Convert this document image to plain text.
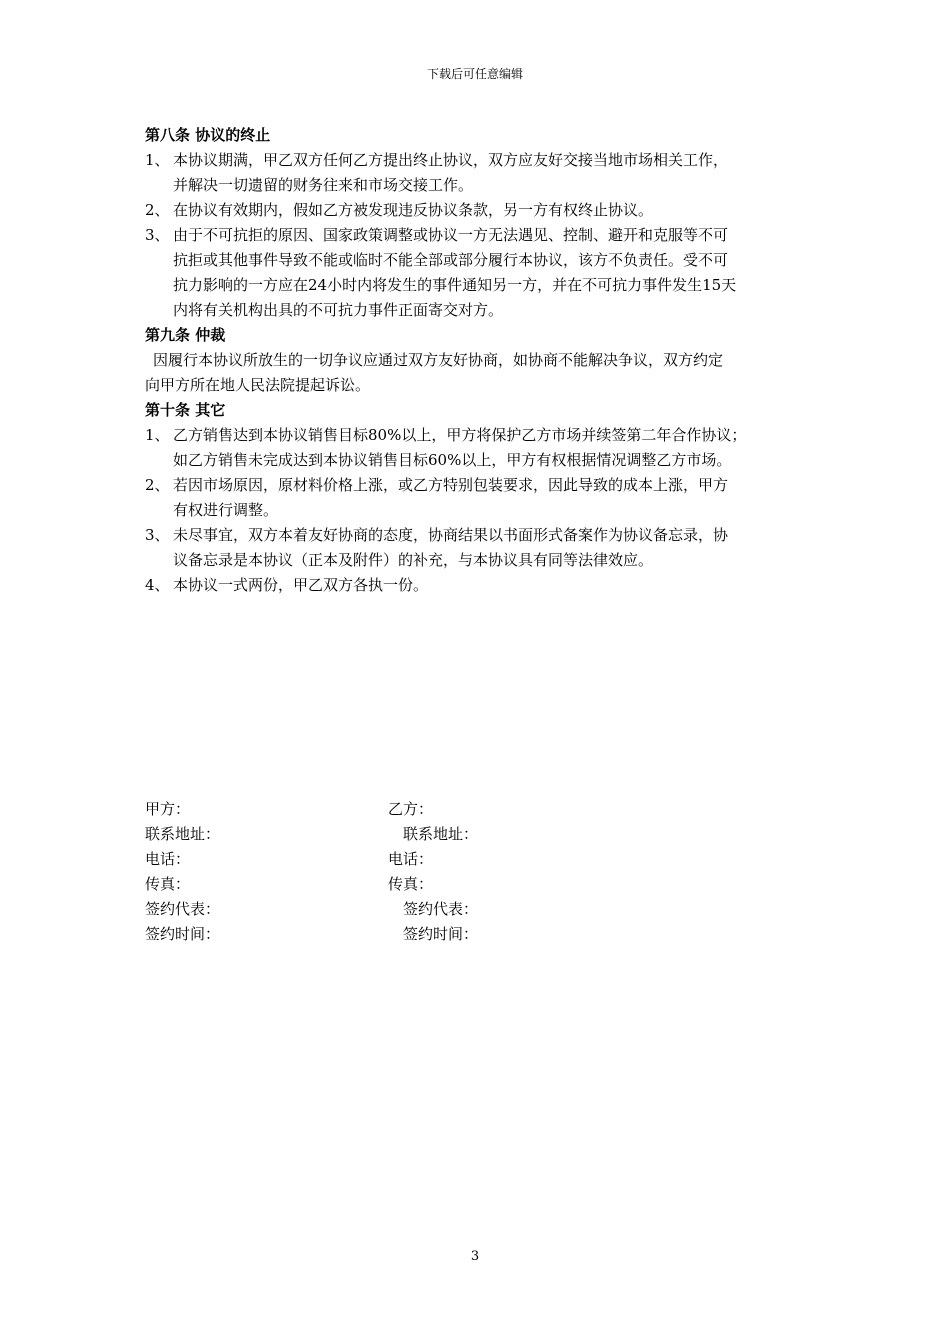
下载后可任意编辑
第八条 协议的终止
1、 本协议期满，甲乙双方任何乙方提出终止协议，双方应友好交接当地市场相关工作，
并解决一切遗留的财务往来和市场交接工作。
2、 在协议有效期内，假如乙方被发现违反协议条款，另一方有权终止协议。
3、 由于不可抗拒的原因、国家政策调整或协议一方无法遇见、控制、避开和克服等不可
抗拒或其他事件导致不能或临时不能全部或部分履行本协议，该方不负责任。受不可
抗力影响的一方应在24小时内将发生的事件通知另一方，并在不可抗力事件发生15天
内将有关机构出具的不可抗力事件正面寄交对方。
第九条 仲裁
因履行本协议所放生的一切争议应通过双方友好协商，如协商不能解决争议，双方约定
向甲方所在地人民法院提起诉讼。
第十条 其它
1、 乙方销售达到本协议销售目标80%以上，甲方将保护乙方市场并续签第二年合作协议；
如乙方销售未完成达到本协议销售目标60%以上，甲方有权根据情况调整乙方市场。
2、 若因市场原因，原材料价格上涨，或乙方特别包装要求，因此导致的成本上涨，甲方
有权进行调整。
3、 未尽事宜，双方本着友好协商的态度，协商结果以书面形式备案作为协议备忘录，协
议备忘录是本协议（正本及附件）的补充，与本协议具有同等法律效应。
4、 本协议一式两份，甲乙双方各执一份。
甲方：	乙方：
联系地址：	联系地址：
电话：	电话：
传真：	传真：
签约代表：	签约代表：
签约时间：	签约时间：
3
